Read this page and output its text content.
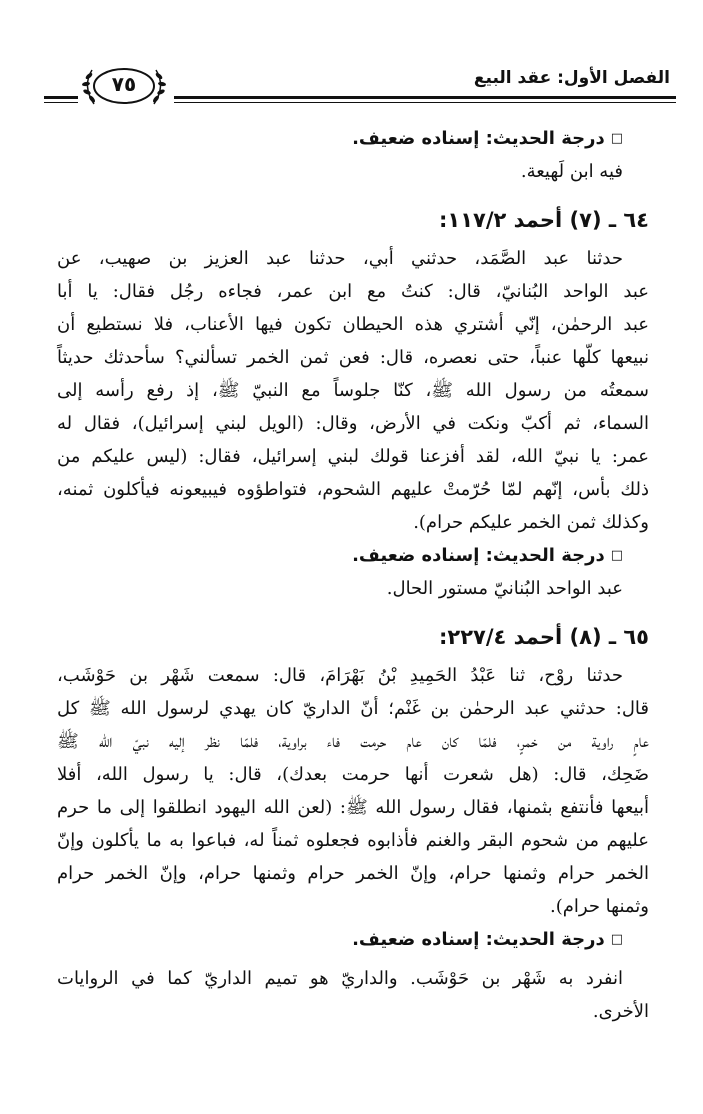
الفصل الأول: عقد البيع
٧٥
□درجة الحديث: إسناده ضعيف.
فيه ابن لَهيعة.
٦٤ ـ (٧) أحمد ١١٧/٢:
حدثنا عبد الصَّمَد، حدثني أبي، حدثنا عبد العزيز بن صهيب، عن
عبد الواحد البُنانيّ، قال: كنتُ مع ابن عمر، فجاءه رجُل فقال: يا أبا
عبد الرحمٰن، إنّي أشتري هذه الحيطان تكون فيها الأعناب، فلا نستطيع أن
نبيعها كلّها عنباً، حتى نعصره، قال: فعن ثمن الخمر تسألني؟ سأحدثك حديثاً
سمعتُه من رسول الله ﷺ، كنّا جلوساً مع النبيّ ﷺ، إذ رفع رأسه إلى
السماء، ثم أكبّ ونكت في الأرض، وقال: (الويل لبني إسرائيل)، فقال له
عمر: يا نبيّ الله، لقد أفزعنا قولك لبني إسرائيل، فقال: (ليس عليكم من
ذلك بأس، إنّهم لمّا حُرّمتْ عليهم الشحوم، فتواطؤوه فيبيعونه فيأكلون ثمنه،
وكذلك ثمن الخمر عليكم حرام).
□درجة الحديث: إسناده ضعيف.
عبد الواحد البُنانيّ مستور الحال.
٦٥ ـ (٨) أحمد ٢٢٧/٤:
حدثنا روْح، ثنا عَبْدُ الحَمِيدِ بْنُ بَهْرَامَ، قال: سمعت شَهْر بن حَوْشَب،
قال: حدثني عبد الرحمٰن بن غَنْم؛ أنّ الداريّ كان يهدي لرسول الله ﷺ كل
عامٍ راوية من خمرٍ، فلمّا كان عام حرمت فاء براوية، فلمّا نظر إليه نبيّ الله ﷺ
ضَحِك، قال: (هل شعرت أنها حرمت بعدك)، قال: يا رسول الله، أفلا
أبيعها فأنتفع بثمنها، فقال رسول الله ﷺ: (لعن الله اليهود انطلقوا إلى ما حرم
عليهم من شحوم البقر والغنم فأذابوه فجعلوه ثمناً له، فباعوا به ما يأكلون وإنّ
الخمر حرام وثمنها حرام، وإنّ الخمر حرام وثمنها حرام، وإنّ الخمر حرام
وثمنها حرام).
□درجة الحديث: إسناده ضعيف.
انفرد به شَهْر بن حَوْشَب. والداريّ هو تميم الداريّ كما في الروايات
الأخرى.
